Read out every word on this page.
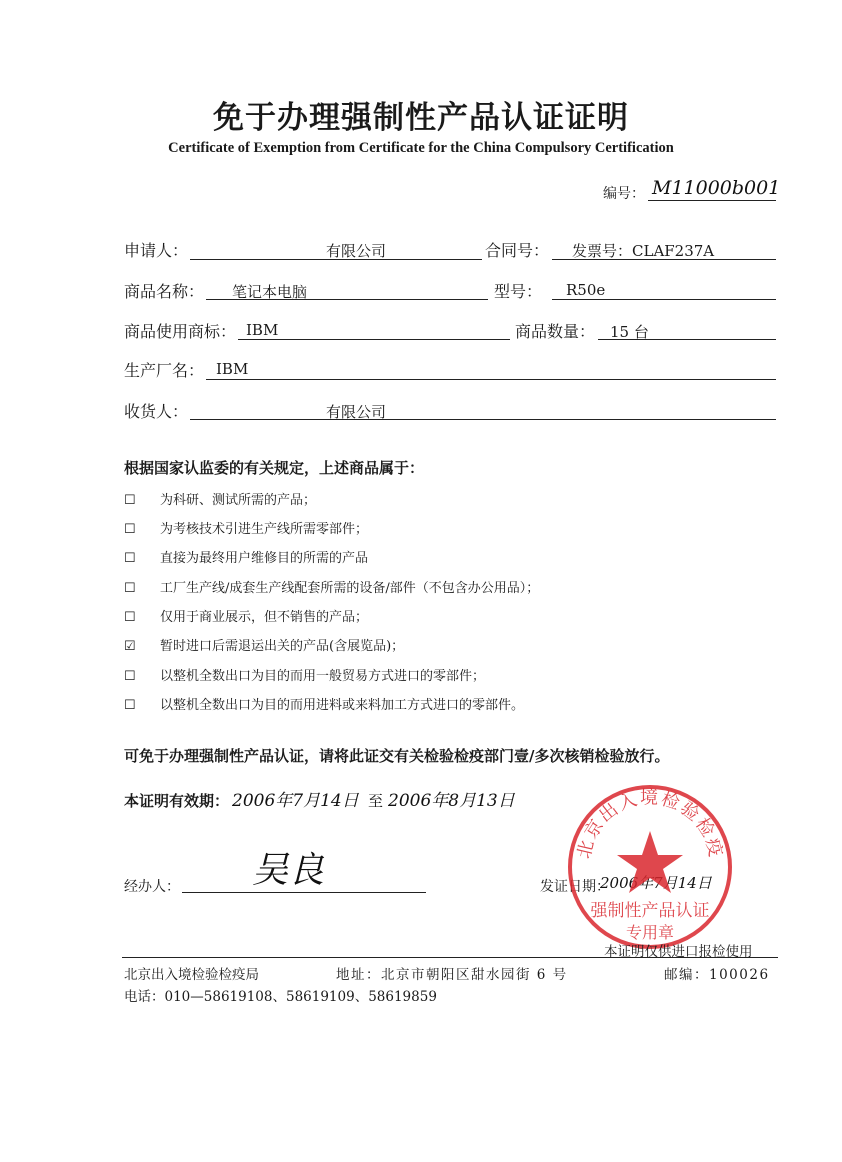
免于办理强制性产品认证证明
Certificate of Exemption from Certificate for the China Compulsory Certification
编号： M11000b001
申请人：	有限公司	合同号： 发票号：CLAF237A
商品名称： 笔记本电脑	型号： R50e
商品使用商标： IBM	商品数量： 15 台
生产厂名： IBM
收货人：	有限公司
根据国家认监委的有关规定，上述商品属于：
☐ 为科研、测试所需的产品；
☐ 为考核技术引进生产线所需零部件；
☐ 直接为最终用户维修目的所需的产品
☐ 工厂生产线/成套生产线配套所需的设备/部件（不包含办公用品）；
☐ 仅用于商业展示，但不销售的产品；
☑ 暂时进口后需退运出关的产品(含展览品)；
☐ 以整机全数出口为目的而用一般贸易方式进口的零部件；
☐ 以整机全数出口为目的而用进料或来料加工方式进口的零部件。
可免于办理强制性产品认证，请将此证交有关检验检疫部门壹/多次核销检验放行。
本证明有效期： 2006年7月14日 至 2006年8月13日
经办人： 吴良	发证日期：
2006年7月14日
北京出入境检验检疫
强制性产品认证
专用章
本证明仅供进口报检使用
北京出入境检验检疫局	地址：北京市朝阳区甜水园街 6 号	邮编：100026
电话：010—58619108、58619109、58619859
